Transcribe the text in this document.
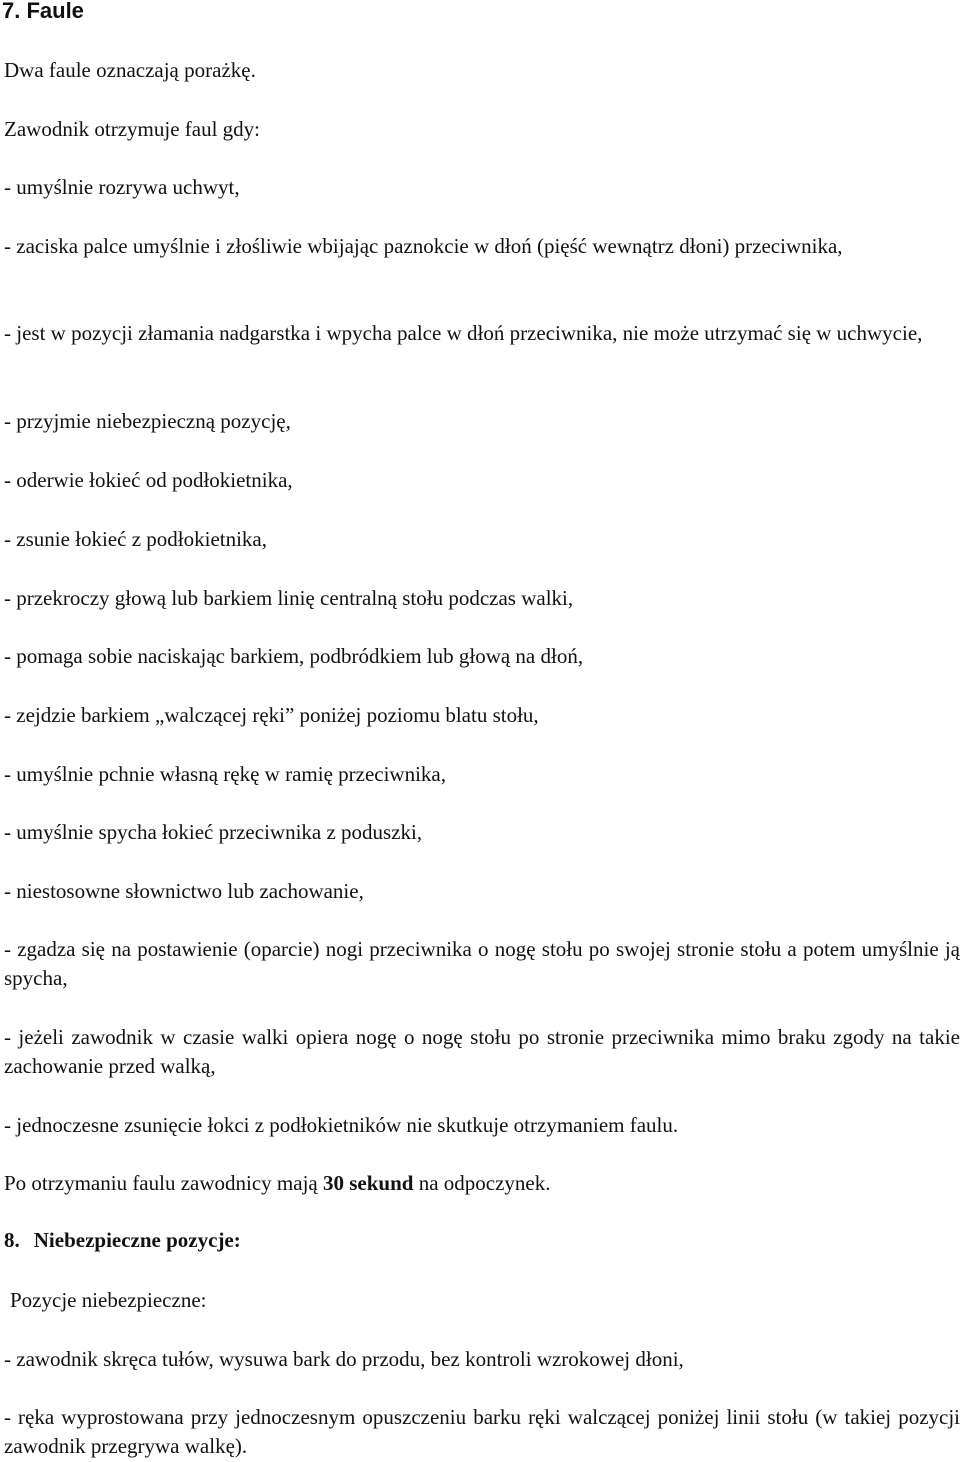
7. Faule
Dwa faule oznaczają porażkę.
Zawodnik otrzymuje faul gdy:
- umyślnie rozrywa uchwyt,
- zaciska palce umyślnie i złośliwie wbijając paznokcie w dłoń (pięść wewnątrz dłoni) przeciwnika,
- jest w pozycji złamania nadgarstka i wpycha palce w dłoń przeciwnika, nie może utrzymać się w uchwycie,
- przyjmie niebezpieczną pozycję,
- oderwie łokieć od podłokietnika,
- zsunie łokieć z podłokietnika,
- przekroczy głową lub barkiem linię centralną stołu podczas walki,
- pomaga sobie naciskając barkiem, podbródkiem lub głową na dłoń,
- zejdzie barkiem „walczącej ręki” poniżej poziomu blatu stołu,
- umyślnie pchnie własną rękę w ramię przeciwnika,
- umyślnie spycha łokieć przeciwnika z poduszki,
- niestosowne słownictwo lub zachowanie,
- zgadza się na postawienie (oparcie) nogi przeciwnika o nogę stołu po swojej stronie stołu a potem umyślnie ją spycha,
- jeżeli zawodnik w czasie walki opiera nogę o nogę stołu po stronie przeciwnika mimo braku zgody na takie zachowanie przed walką,
- jednoczesne zsunięcie łokci z podłokietników nie skutkuje otrzymaniem faulu.
Po otrzymaniu faulu zawodnicy mają 30 sekund na odpoczynek.
8. Niebezpieczne pozycje:
Pozycje niebezpieczne:
- zawodnik skręca tułów, wysuwa bark do przodu, bez kontroli wzrokowej dłoni,
- ręka wyprostowana przy jednoczesnym opuszczeniu barku ręki walczącej poniżej linii stołu (w takiej pozycji zawodnik przegrywa walkę).
